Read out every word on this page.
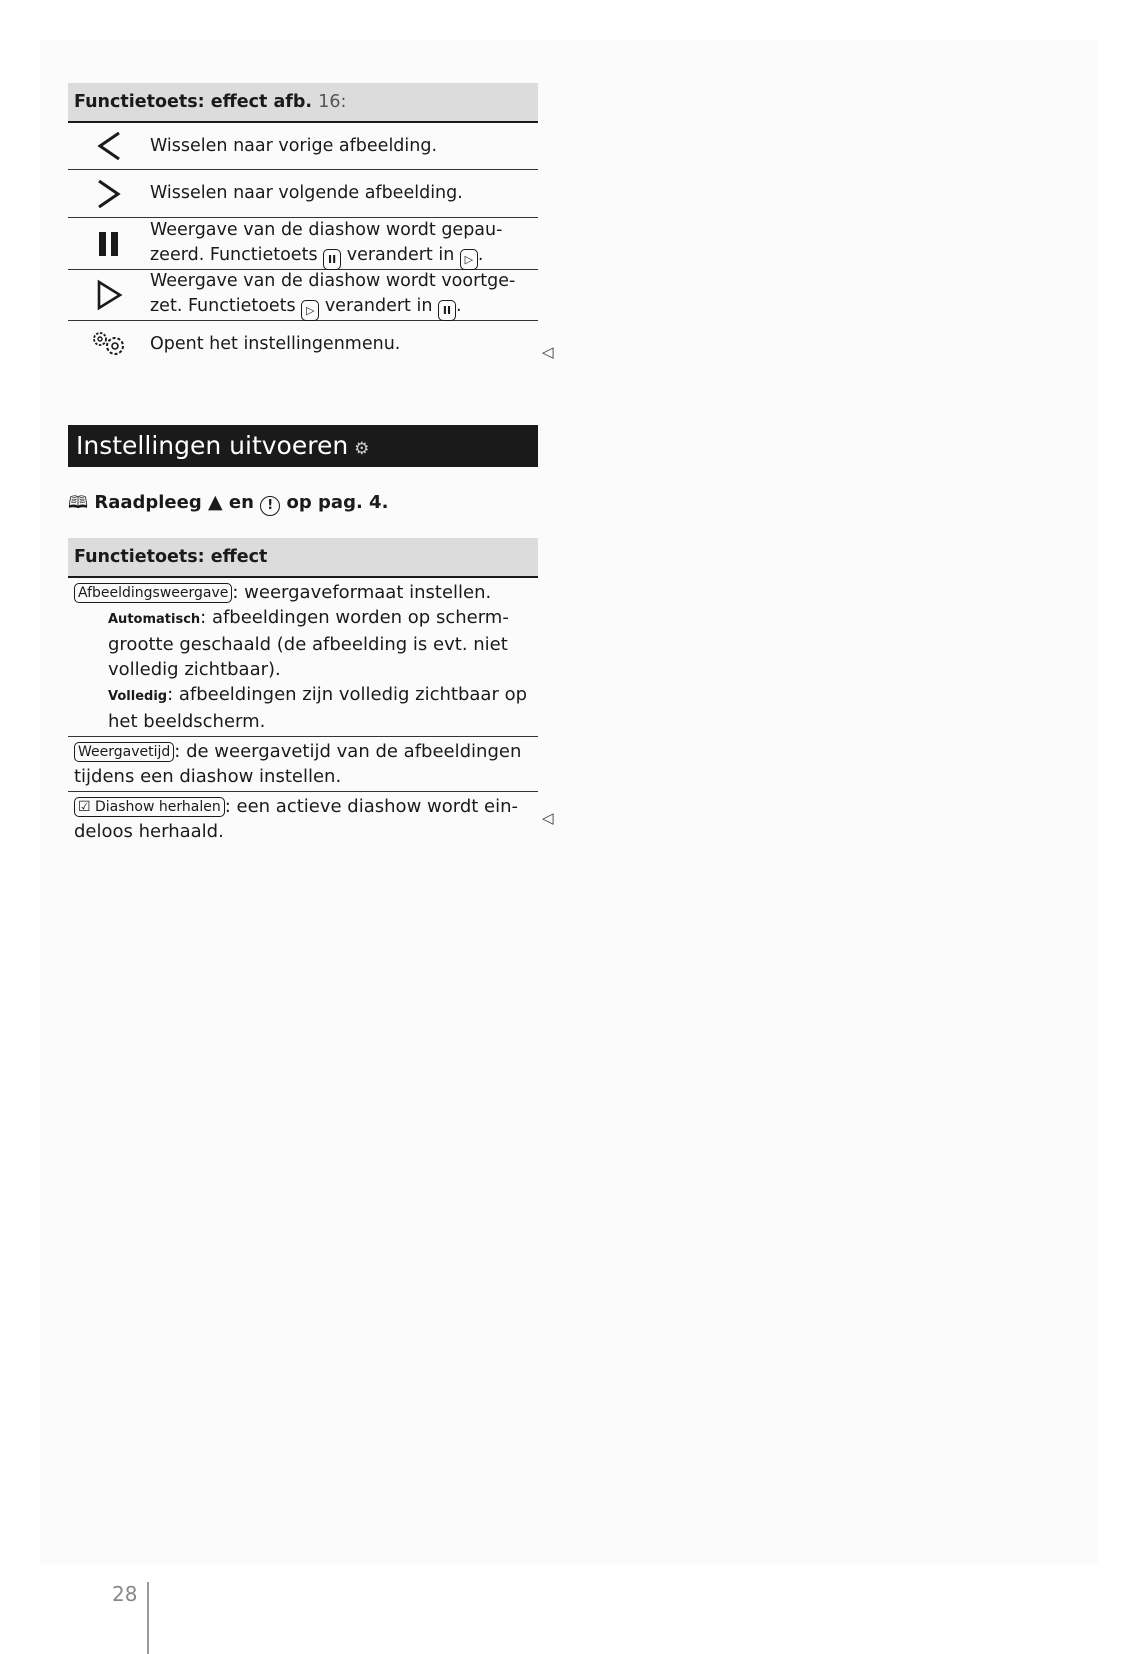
Functietoets: effect afb. 16:
Wisselen naar vorige afbeelding.
Wisselen naar volgende afbeelding.
Weergave van de diashow wordt gepau-
zeerd. Functietoets II verandert in ▷ .
Weergave van de diashow wordt voortge-
zet. Functietoets ▷ verandert in II .
Opent het instellingenmenu.	◁
Instellingen uitvoeren ⚙
🕮 Raadpleeg ▲ en ! op pag. 4.
Functietoets: effect
Afbeeldingsweergave : weergaveformaat instellen.
Automatisch: afbeeldingen worden op scherm-
grootte geschaald (de afbeelding is evt. niet
volledig zichtbaar).
Volledig: afbeeldingen zijn volledig zichtbaar op
het beeldscherm.
Weergavetijd : de weergavetijd van de afbeeldingen
tijdens een diashow instellen.
☑ Diashow herhalen : een actieve diashow wordt ein-
deloos herhaald.
◁
28
